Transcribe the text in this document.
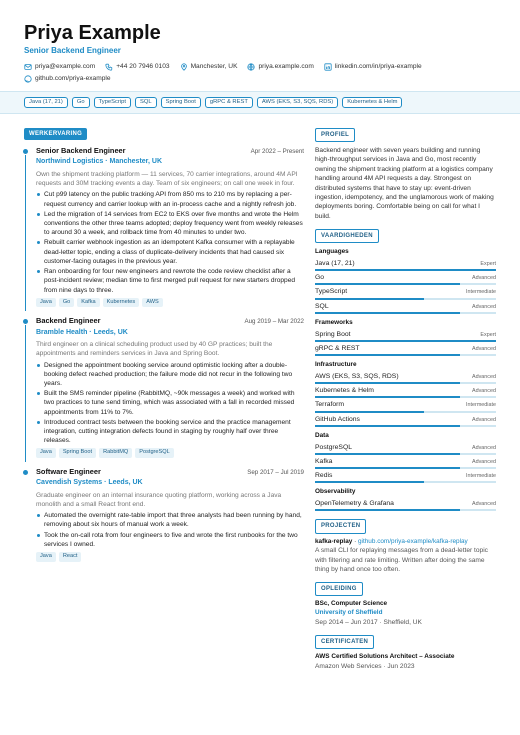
Priya Example
Senior Backend Engineer
priya@example.com	+44 20 7946 0103	Manchester, UK	priya.example.com	linkedin.com/in/priya-example
github.com/priya-example
Java (17, 21)	Go	TypeScript	SQL	Spring Boot	gRPC & REST	AWS (EKS, S3, SQS, RDS)	Kubernetes & Helm
WERKERVARING
Senior Backend Engineer	Apr 2022 – Present
Northwind Logistics · Manchester, UK
Own the shipment tracking platform — 11 services, 70 carrier integrations, around 4M API requests and 30M tracking events a day. Team of six engineers; on call one week in four.
Cut p99 latency on the public tracking API from 850 ms to 210 ms by replacing a per-request currency and carrier lookup with an in-process cache and a nightly refresh job.
Led the migration of 14 services from EC2 to EKS over five months and wrote the Helm conventions the other three teams adopted; deploy frequency went from weekly releases to around 30 a week, and rollback time from 40 minutes to under two.
Rebuilt carrier webhook ingestion as an idempotent Kafka consumer with a replayable dead-letter topic, ending a class of duplicate-delivery incidents that had caused six customer-facing outages in the previous year.
Ran onboarding for four new engineers and rewrote the code review checklist after a post-incident review; median time to first merged pull request for new starters dropped from nine days to three.
Java	Go	Kafka	Kubernetes	AWS
Backend Engineer	Aug 2019 – Mar 2022
Bramble Health · Leeds, UK
Third engineer on a clinical scheduling product used by 40 GP practices; built the appointments and reminders services in Java and Spring Boot.
Designed the appointment booking service around optimistic locking after a double-booking defect reached production; the failure mode did not recur in the following two years.
Built the SMS reminder pipeline (RabbitMQ, ~90k messages a week) and worked with two practices to tune send timing, which was associated with a fall in recorded missed appointments from 11% to 7%.
Introduced contract tests between the booking service and the practice management integration, cutting integration defects found in staging by roughly half over three releases.
Java	Spring Boot	RabbitMQ	PostgreSQL
Software Engineer	Sep 2017 – Jul 2019
Cavendish Systems · Leeds, UK
Graduate engineer on an internal insurance quoting platform, working across a Java monolith and a small React front end.
Automated the overnight rate-table import that three analysts had been running by hand, removing about six hours of manual work a week.
Took the on-call rota from four engineers to five and wrote the first runbooks for the two services I owned.
Java	React
PROFIEL
Backend engineer with seven years building and running high-throughput services in Java and Go, most recently owning the shipment tracking platform at a logistics company handling around 4M API requests a day. Strongest on distributed systems that have to stay up: event-driven ingestion, idempotency, and the unglamorous work of making deployments boring. Comfortable being on call for what I build.
VAARDIGHEDEN
Languages
Java (17, 21)	Expert
Go	Advanced
TypeScript	Intermediate
SQL	Advanced
Frameworks
Spring Boot	Expert
gRPC & REST	Advanced
Infrastructure
AWS (EKS, S3, SQS, RDS)	Advanced
Kubernetes & Helm	Advanced
Terraform	Intermediate
GitHub Actions	Advanced
Data
PostgreSQL	Advanced
Kafka	Advanced
Redis	Intermediate
Observability
OpenTelemetry & Grafana	Advanced
PROJECTEN
kafka-replay · github.com/priya-example/kafka-replay
A small CLI for replaying messages from a dead-letter topic with filtering and rate limiting. Written after doing the same thing by hand once too often.
OPLEIDING
BSc, Computer Science
University of Sheffield
Sep 2014 – Jun 2017 · Sheffield, UK
CERTIFICATEN
AWS Certified Solutions Architect – Associate
Amazon Web Services · Jun 2023
